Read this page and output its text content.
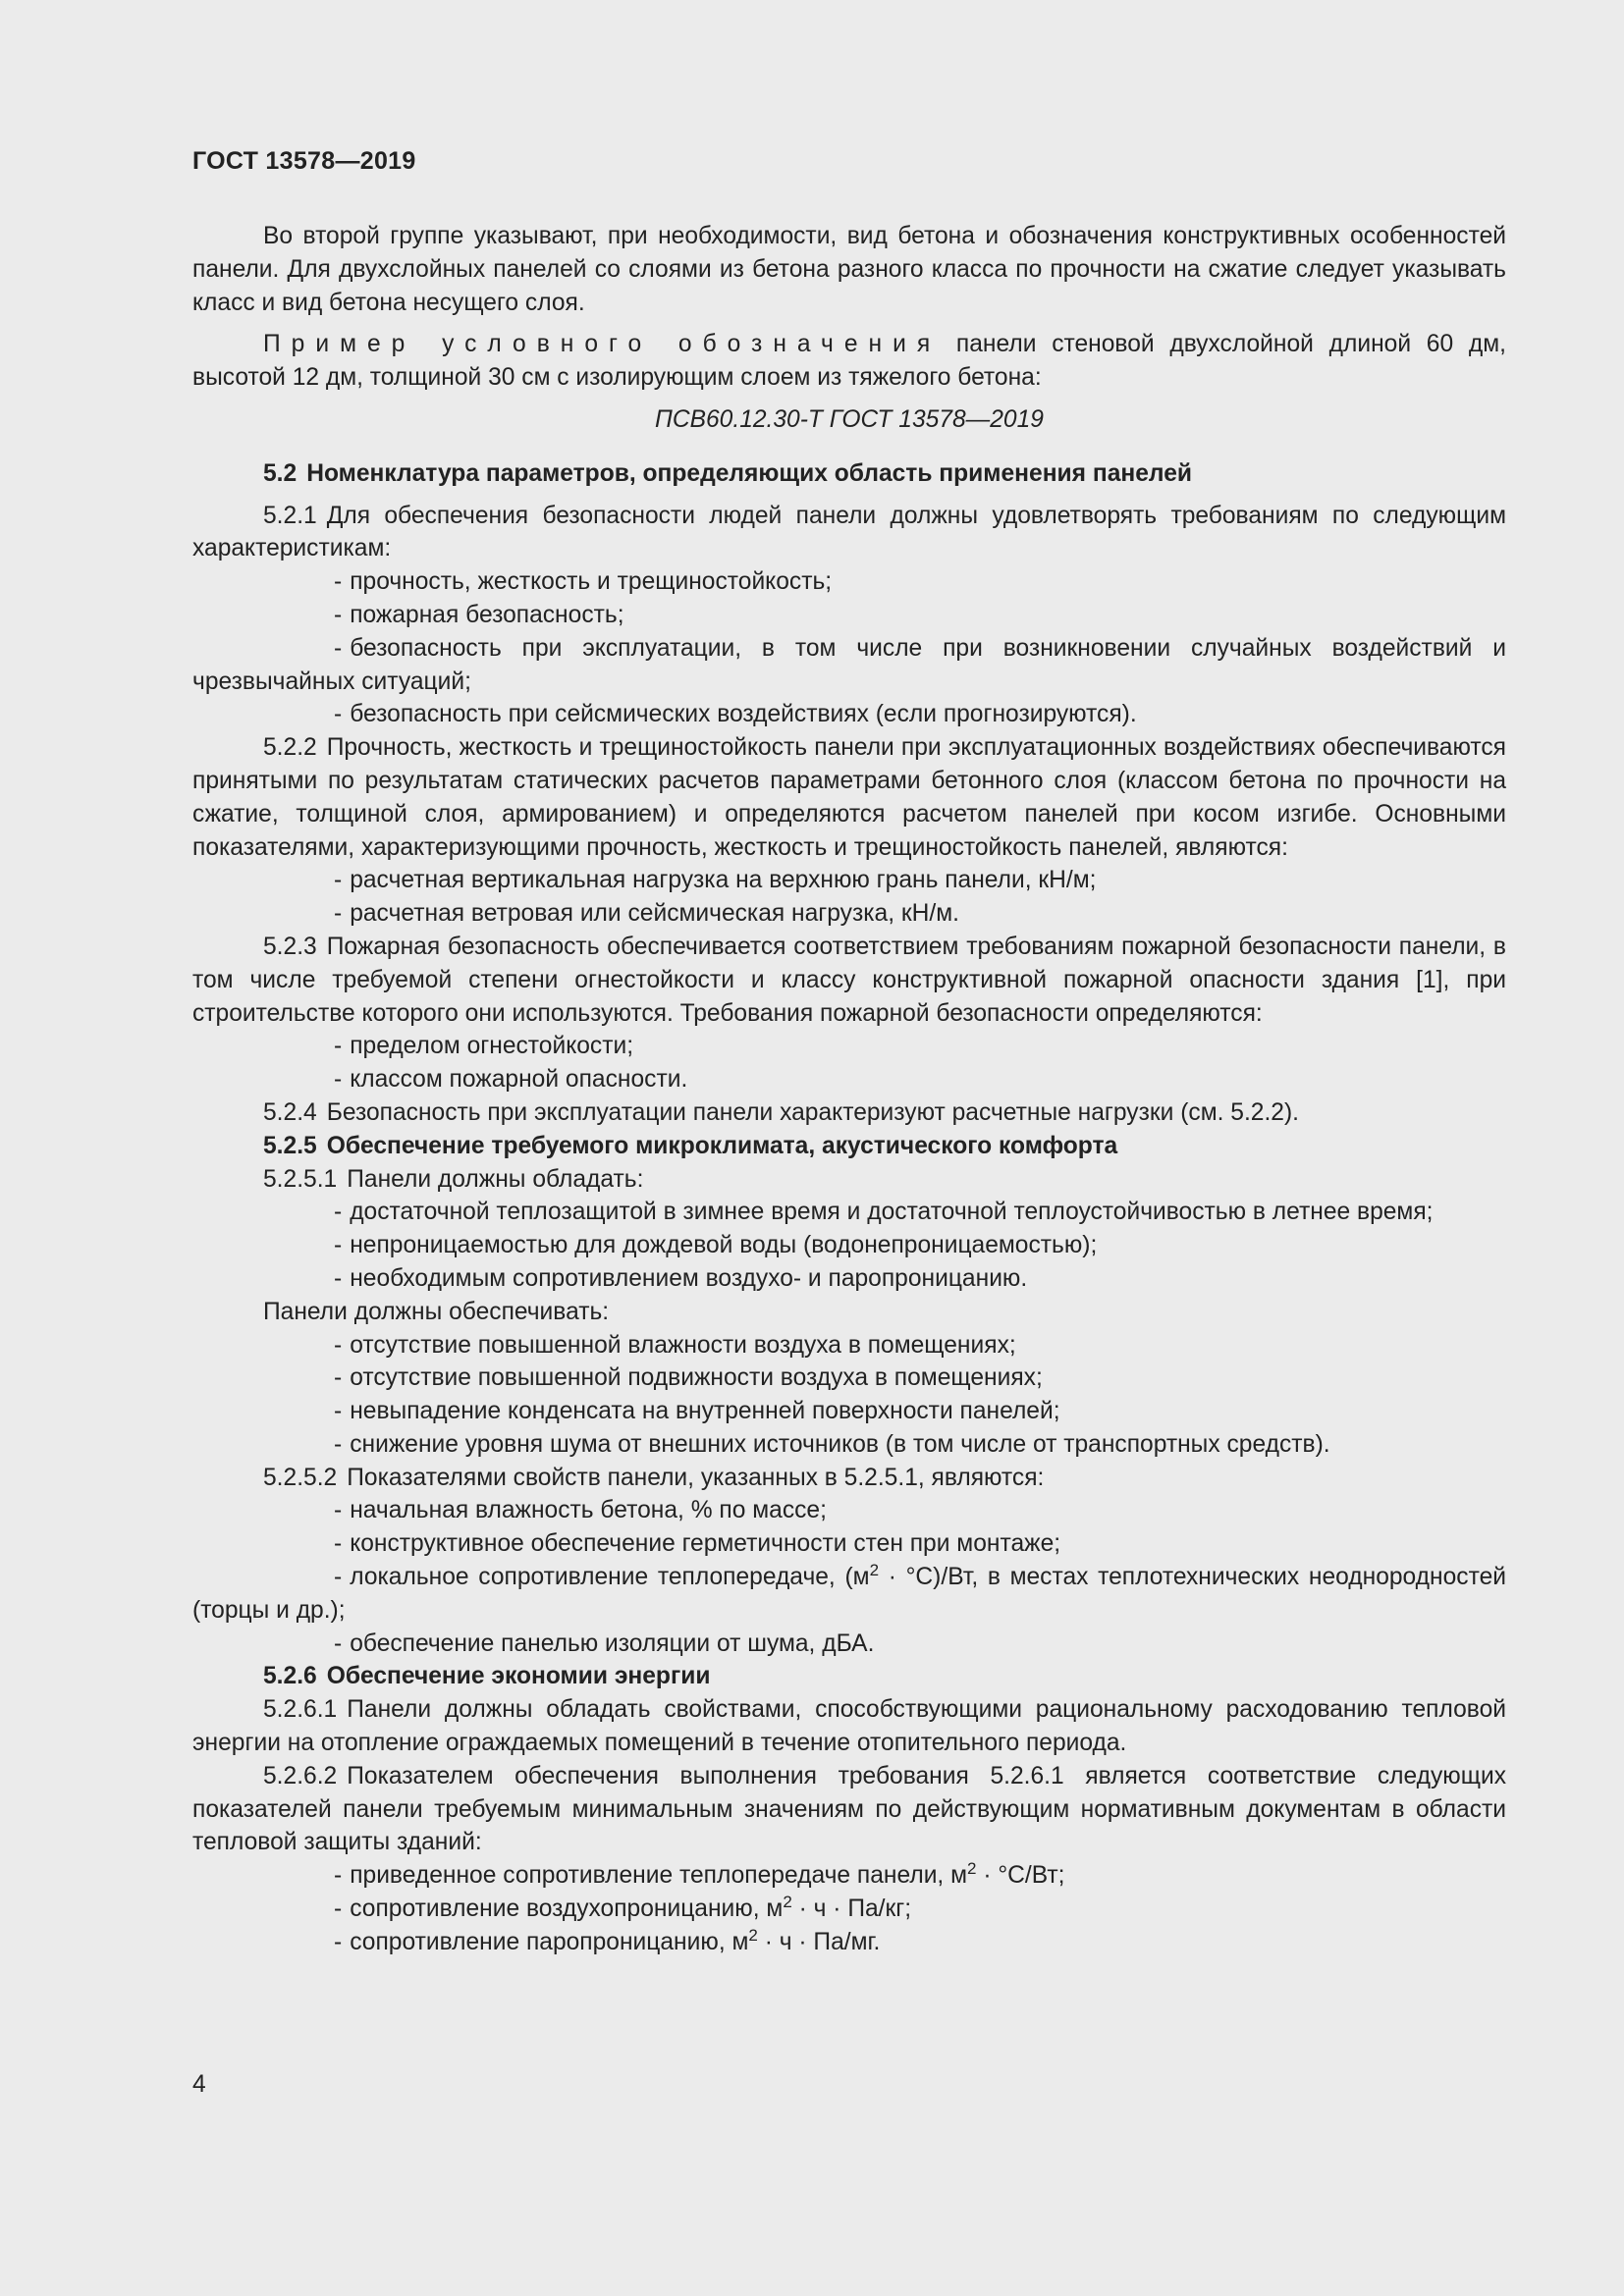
ГОСТ 13578—2019

Во второй группе указывают, при необходимости, вид бетона и обозначения конструктивных особенностей панели. Для двухслойных панелей со слоями из бетона разного класса по прочности на сжатие следует указывать класс и вид бетона несущего слоя.

Пример условного обозначения панели стеновой двухслойной длиной 60 дм, высотой 12 дм, толщиной 30 см с изолирующим слоем из тяжелого бетона:

ПСВ60.12.30-Т ГОСТ 13578—2019

5.2 Номенклатура параметров, определяющих область применения панелей

5.2.1 Для обеспечения безопасности людей панели должны удовлетворять требованиям по следующим характеристикам:

- прочность, жесткость и трещиностойкость;

- пожарная безопасность;

- безопасность при эксплуатации, в том числе при возникновении случайных воздействий и чрезвычайных ситуаций;

- безопасность при сейсмических воздействиях (если прогнозируются).

5.2.2 Прочность, жесткость и трещиностойкость панели при эксплуатационных воздействиях обеспечиваются принятыми по результатам статических расчетов параметрами бетонного слоя (классом бетона по прочности на сжатие, толщиной слоя, армированием) и определяются расчетом панелей при косом изгибе. Основными показателями, характеризующими прочность, жесткость и трещиностойкость панелей, являются:

- расчетная вертикальная нагрузка на верхнюю грань панели, кН/м;

- расчетная ветровая или сейсмическая нагрузка, кН/м.

5.2.3 Пожарная безопасность обеспечивается соответствием требованиям пожарной безопасности панели, в том числе требуемой степени огнестойкости и классу конструктивной пожарной опасности здания [1], при строительстве которого они используются. Требования пожарной безопасности определяются:

- пределом огнестойкости;

- классом пожарной опасности.

5.2.4 Безопасность при эксплуатации панели характеризуют расчетные нагрузки (см. 5.2.2).

5.2.5 Обеспечение требуемого микроклимата, акустического комфорта

5.2.5.1 Панели должны обладать:

- достаточной теплозащитой в зимнее время и достаточной теплоустойчивостью в летнее время;

- непроницаемостью для дождевой воды (водонепроницаемостью);

- необходимым сопротивлением воздухо- и паропроницанию.

Панели должны обеспечивать:

- отсутствие повышенной влажности воздуха в помещениях;

- отсутствие повышенной подвижности воздуха в помещениях;

- невыпадение конденсата на внутренней поверхности панелей;

- снижение уровня шума от внешних источников (в том числе от транспортных средств).

5.2.5.2 Показателями свойств панели, указанных в 5.2.5.1, являются:

- начальная влажность бетона, % по массе;

- конструктивное обеспечение герметичности стен при монтаже;

- локальное сопротивление теплопередаче, $(м^2 \cdot ^\circ С)/Вт$, в местах теплотехнических неоднородностей (торцы и др.);

- обеспечение панелью изоляции от шума, дБА.

5.2.6 Обеспечение экономии энергии

5.2.6.1 Панели должны обладать свойствами, способствующими рациональному расходованию тепловой энергии на отопление ограждаемых помещений в течение отопительного периода.

5.2.6.2 Показателем обеспечения выполнения требования 5.2.6.1 является соответствие следующих показателей панели требуемым минимальным значениям по действующим нормативным документам в области тепловой защиты зданий:

- приведенное сопротивление теплопередаче панели, $м^2 \cdot ^\circ С/Вт$;

- сопротивление воздухопроницанию, $м^2 \cdot ч \cdot Па/кг$;

- сопротивление паропроницанию, $м^2 \cdot ч \cdot Па/мг$.

4
